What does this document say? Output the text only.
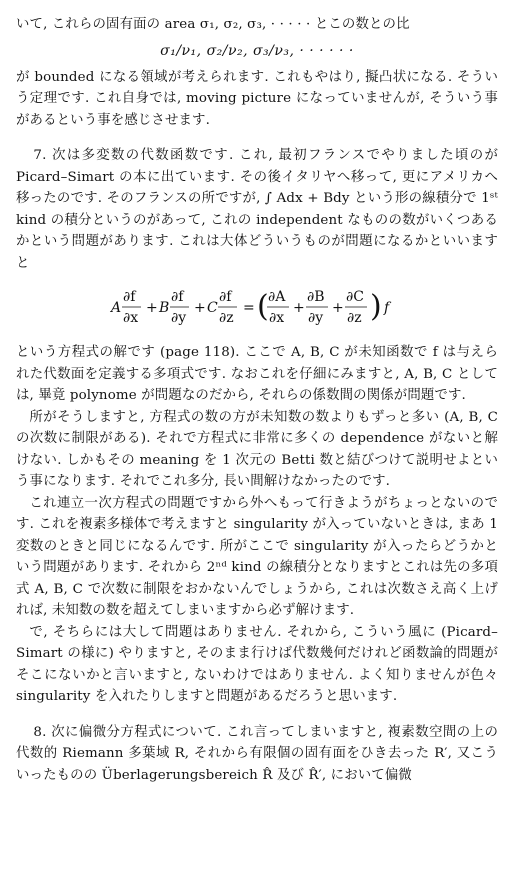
いて, これらの固有面の area σ₁, σ₂, σ₃, · · · · · とこの数との比

σ₁/ν₁, σ₂/ν₂, σ₃/ν₃, · · · · · ·

が bounded になる領域が考えられます. これもやはり, 擬凸状になる. そういう定理です. これ自身では, moving picture になっていませんが, そういう事があるという事を感じさせます.

7. 次は多変数の代数函数です. これ, 最初フランスでやりました頃のが Picard–Simart の本に出ています. その後イタリヤへ移って, 更にアメリカへ移ったのです. そのフランスの所ですが, ∫ Adx + Bdy という形の線積分で 1ˢᵗ kind の積分というのがあって, これの independent なものの数がいくつあるかという問題があります. これは大体どういうものが問題になるかといいますと

A
∂f
∂x
+ B
∂f
∂y
+ C
∂f
∂z
= ( ∂A
∂x
+
∂B
∂y
+
∂C
∂z ) f

という方程式の解です (page 118). ここで A, B, C が未知函数で f は与えられた代数面を定義する多項式です. なおこれを仔細にみますと, A, B, C としては, 畢竟 polynome が問題なのだから, それらの係数間の関係が問題です.

所がそうしますと, 方程式の数の方が未知数の数よりもずっと多い (A, B, C の次数に制限がある). それで方程式に非常に多くの dependence がないと解けない. しかもその meaning を 1 次元の Betti 数と結びつけて説明せよという事になります. それでこれ多分, 長い間解けなかったのです.

これ連立一次方程式の問題ですから外へもって行きようがちょっとないのです. これを複素多様体で考えますと singularity が入っていないときは, まあ 1 変数のときと同じになるんです. 所がここで singularity が入ったらどうかという問題があります. それから 2ⁿᵈ kind の線積分となりますとこれは先の多項式 A, B, C で次数に制限をおかないんでしょうから, これは次数さえ高く上げれば, 未知数の数を超えてしまいますから必ず解けます.

で, そちらには大して問題はありません. それから, こういう風に (Picard–Simart の様に) やりますと, そのまま行けば代数幾何だけれど函数論的問題がそこにないかと言いますと, ないわけではありません. よく知りませんが色々 singularity を入れたりしますと問題があるだろうと思います.

8. 次に偏微分方程式について. これ言ってしまいますと, 複素数空間の上の代数的 Riemann 多葉域 R, それから有限個の固有面をひき去った R′, 又こういったものの Überlagerungsbereich R̂ 及び R̂′, において偏微
